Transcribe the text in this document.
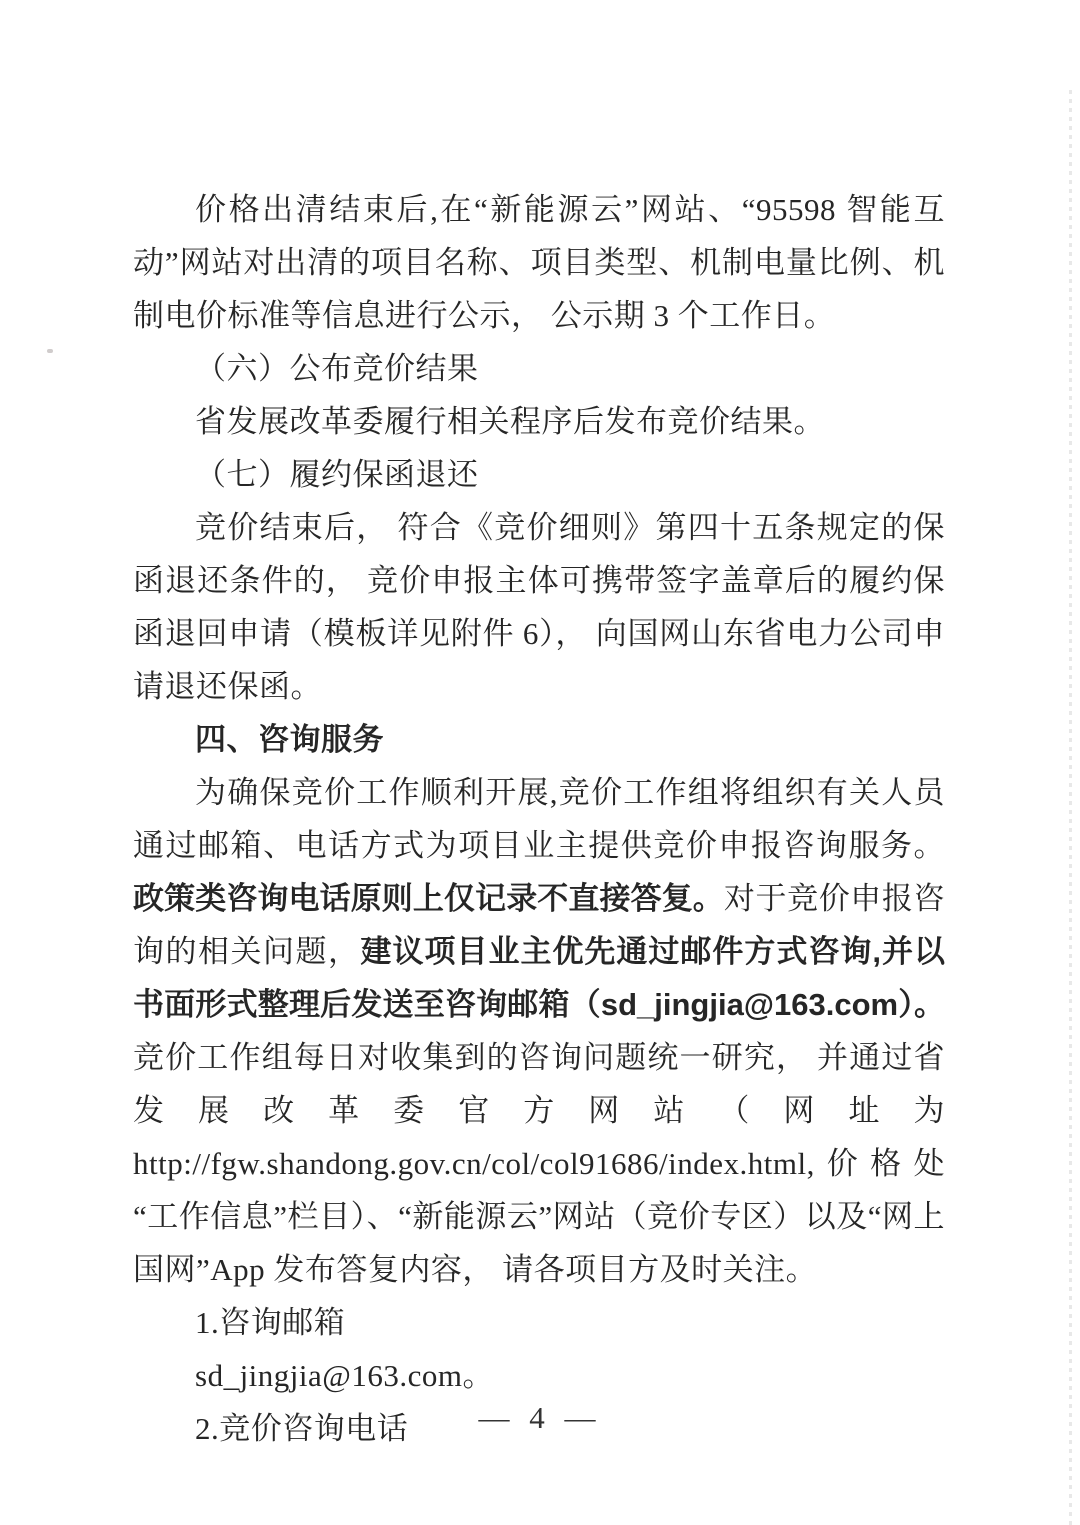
价格出清结束后,在“新能源云”网站、“95598 智能互动”网站对出清的项目名称、项目类型、机制电量比例、机制电价标准等信息进行公示， 公示期 3 个工作日。

（六）公布竞价结果

省发展改革委履行相关程序后发布竞价结果。

（七）履约保函退还

竞价结束后， 符合《竞价细则》第四十五条规定的保函退还条件的， 竞价申报主体可携带签字盖章后的履约保函退回申请（模板详见附件 6）， 向国网山东省电力公司申请退还保函。

四、咨询服务

为确保竞价工作顺利开展,竞价工作组将组织有关人员通过邮箱、电话方式为项目业主提供竞价申报咨询服务。政策类咨询电话原则上仅记录不直接答复。对于竞价申报咨询的相关问题，建议项目业主优先通过邮件方式咨询,并以书面形式整理后发送至咨询邮箱（sd_jingjia@163.com）。竞价工作组每日对收集到的咨询问题统一研究， 并通过省发展改革委官方网站（网址为 http://fgw.shandong.gov.cn/col/col91686/index.html,价格处“工作信息”栏目）、“新能源云”网站（竞价专区）以及“网上国网”App 发布答复内容， 请各项目方及时关注。

1.咨询邮箱

sd_jingjia@163.com。

2.竞价咨询电话	— 4 —
